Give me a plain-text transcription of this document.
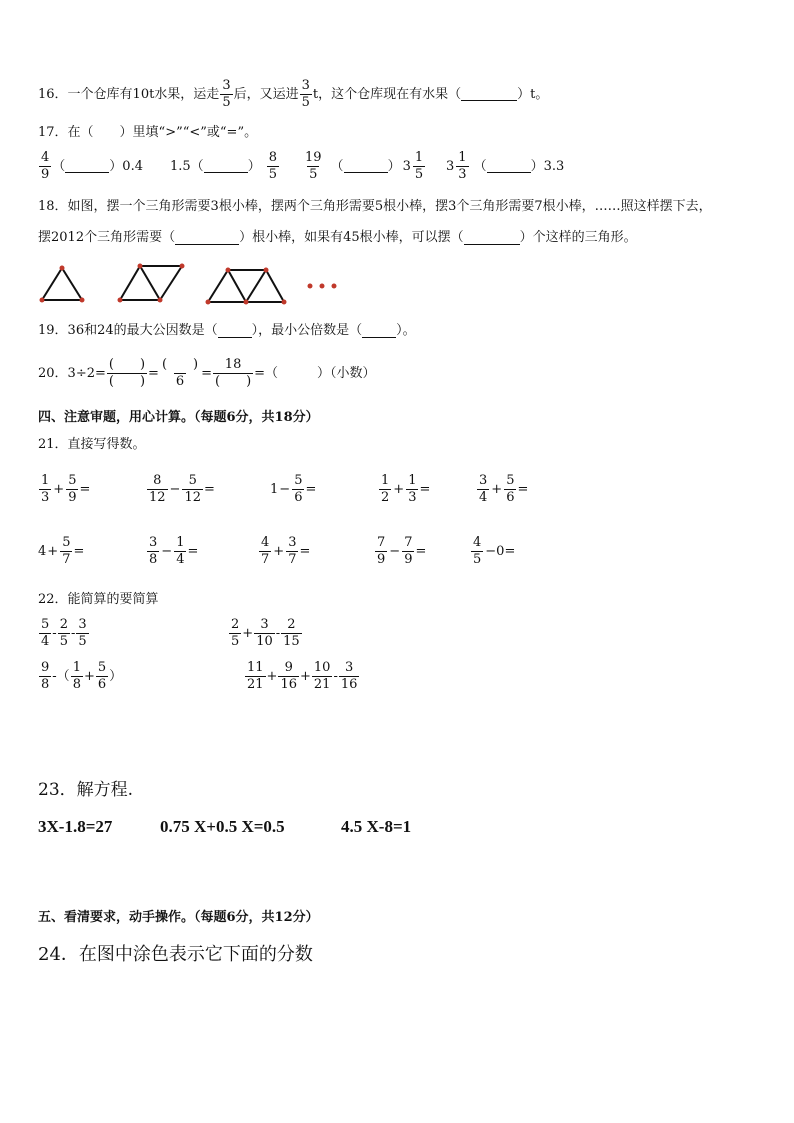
16．一个仓库有10t水果，运走 $\frac{3}{5}$ 后，又运进 $\frac{3}{5}$ t，这个仓库现在有水果（	）t。
17．在（　　）里填“>”“<”或“=”。
$\frac{4}{9}$ （	）0.4 1.5（	） $\frac{8}{5} \frac{19}{5}$ （	） $3 \frac{1}{5} 3 \frac{1}{3}$ （	）3.3
18．如图，摆一个三角形需要3根小棒，摆两个三角形需要5根小棒，摆3个三角形需要7根小棒，……照这样摆下去，
摆2012个三角形需要（	）根小棒，如果有45根小棒，可以摆（	）个这样的三角形。
19．36和24的最大公因数是（	），最小公倍数是（	）。
20．$3\div 2= \frac{( )}{( )} = \frac{( )}{6} = \frac{18}{( )}$ =（　　　）（小数）
四、注意审题，用心计算。（每题6分，共18分）
21．直接写得数。
$\frac{1}{3} + \frac{5}{9}$ =	$\frac{8}{12} - \frac{5}{12}$ =	$1 - \frac{5}{6}$ =	$\frac{1}{2} + \frac{1}{3}$ =	$\frac{3}{4} + \frac{5}{6}$ =
$4 + \frac{5}{7}$ =	$\frac{3}{8} - \frac{1}{4}$ =	$\frac{4}{7} + \frac{3}{7}$ =	$\frac{7}{9} - \frac{7}{9}$ =	$\frac{4}{5} -0=$
22．能简算的要简算
$\frac{5}{4} - \frac{2}{5} - \frac{3}{5}$	$\frac{2}{5} + \frac{3}{10} - \frac{2}{15}$
$\frac{9}{8}$ -（ $\frac{1}{8} + \frac{5}{6}$ ）	$\frac{11}{21} + \frac{9}{16} + \frac{10}{21} - \frac{3}{16}$
23．解方程.
3X-1.8=27	0.75 X+0.5 X=0.5	4.5 X-8=1
五、看清要求，动手操作。（每题6分，共12分）
24．在图中涂色表示它下面的分数
